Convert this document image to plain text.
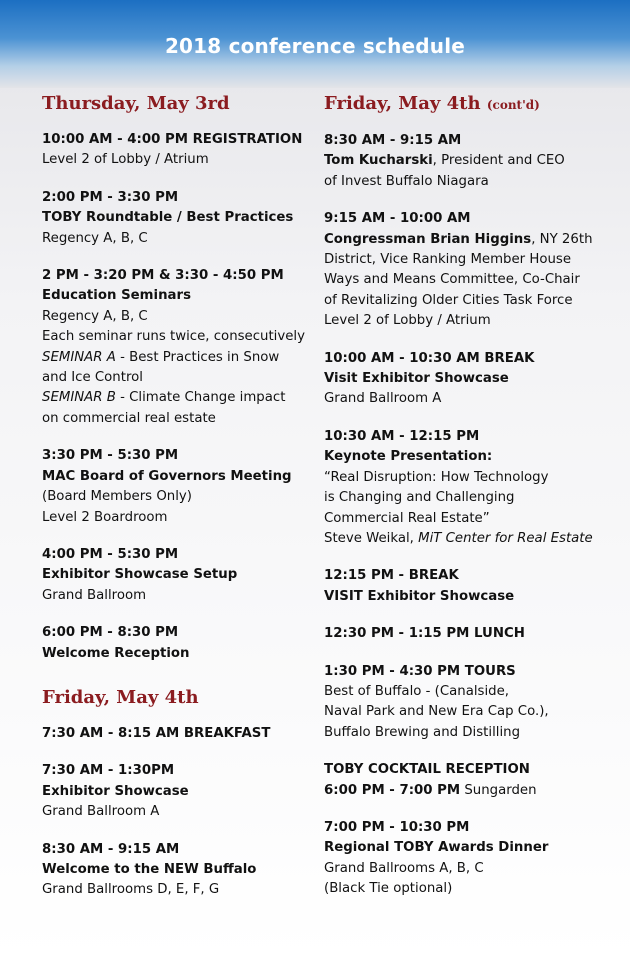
2018 conference schedule
Thursday, May 3rd
10:00 AM - 4:00 PM REGISTRATION
Level 2 of Lobby / Atrium
2:00 PM - 3:30 PM
TOBY Roundtable / Best Practices
Regency A, B, C
2 PM - 3:20 PM & 3:30 - 4:50 PM
Education Seminars
Regency A, B, C
Each seminar runs twice, consecutively
SEMINAR A - Best Practices in Snow
and Ice Control
SEMINAR B - Climate Change impact
on commercial real estate
3:30 PM - 5:30 PM
MAC Board of Governors Meeting
(Board Members Only)
Level 2 Boardroom
4:00 PM - 5:30 PM
Exhibitor Showcase Setup
Grand Ballroom
6:00 PM - 8:30 PM
Welcome Reception
Friday, May 4th
7:30 AM - 8:15 AM BREAKFAST
7:30 AM - 1:30PM
Exhibitor Showcase
Grand Ballroom A
8:30 AM - 9:15 AM
Welcome to the NEW Buffalo
Grand Ballrooms D, E, F, G
Friday, May 4th (cont'd)
8:30 AM - 9:15 AM
Tom Kucharski, President and CEO
of Invest Buffalo Niagara
9:15 AM - 10:00 AM
Congressman Brian Higgins, NY 26th
District, Vice Ranking Member House
Ways and Means Committee, Co-Chair
of Revitalizing Older Cities Task Force
Level 2 of Lobby / Atrium
10:00 AM - 10:30 AM BREAK
Visit Exhibitor Showcase
Grand Ballroom A
10:30 AM - 12:15 PM
Keynote Presentation:
“Real Disruption: How Technology
is Changing and Challenging
Commercial Real Estate”
Steve Weikal, MiT Center for Real Estate
12:15 PM - BREAK
VISIT Exhibitor Showcase
12:30 PM - 1:15 PM LUNCH
1:30 PM - 4:30 PM TOURS
Best of Buffalo - (Canalside,
Naval Park and New Era Cap Co.),
Buffalo Brewing and Distilling
TOBY COCKTAIL RECEPTION
6:00 PM - 7:00 PM Sungarden
7:00 PM - 10:30 PM
Regional TOBY Awards Dinner
Grand Ballrooms A, B, C
(Black Tie optional)
